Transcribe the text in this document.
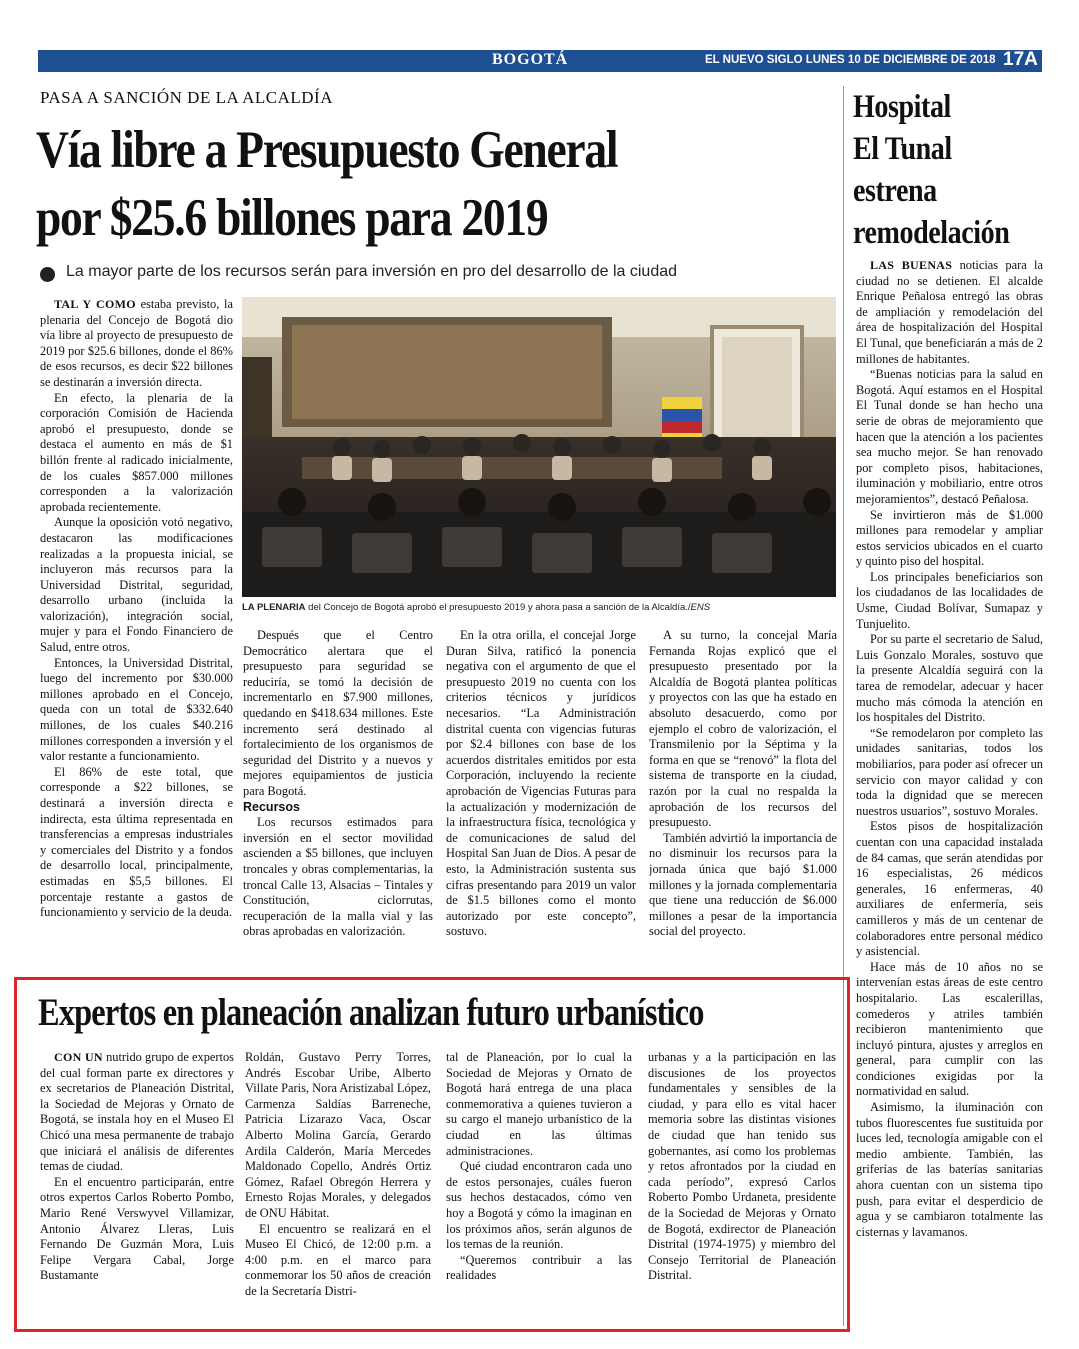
BOGOTÁ	EL NUEVO SIGLO LUNES 10 DE DICIEMBRE DE 2018 17A
PASA A SANCIÓN DE LA ALCALDÍA
Vía libre a Presupuesto General
por $25.6 billones para 2019
La mayor parte de los recursos serán para inversión en pro del desarrollo de la ciudad

TAL Y COMO estaba previsto, la plenaria del Concejo de Bogotá dio vía libre al proyecto de presupuesto de 2019 por $25.6 billones, donde el 86% de esos recursos, es decir $22 billones se destinarán a inversión directa.

En efecto, la plenaria de la corporación Comisión de Hacienda aprobó el presupuesto, donde se destaca el aumento en más de $1 billón frente al radicado inicialmente, de los cuales $857.000 millones corresponden a la valorización aprobada recientemente.

Aunque la oposición votó negativo, destacaron las modificaciones realizadas a la propuesta inicial, se incluyeron más recursos para la Universidad Distrital, seguridad, desarrollo urbano (incluida la valorización), integración social, mujer y para el Fondo Financiero de Salud, entre otros.

Entonces, la Universidad Distrital, luego del incremento por $30.000 millones aprobado en el Concejo, queda con un total de $332.640 millones, de los cuales $40.216 millones corresponden a inversión y el valor restante a funcionamiento.

El 86% de este total, que corresponde a $22 billones, se destinará a inversión directa e indirecta, esta última representada en transferencias a empresas industriales y comerciales del Distrito y a fondos de desarrollo local, principalmente, estimadas en $5,5 billones. El porcentaje restante a gastos de funcionamiento y servicio de la deuda.

LA PLENARIA del Concejo de Bogotá aprobó el presupuesto 2019 y ahora pasa a sanción de la Alcaldía./ENS

Después que el Centro Democrático alertara que el presupuesto para seguridad se reduciría, se tomó la decisión de incrementarlo en $7.900 millones, quedando en $418.634 millones. Este incremento será destinado al fortalecimiento de los organismos de seguridad del Distrito y a nuevos y mejores equipamientos de justicia para Bogotá.

Recursos

Los recursos estimados para inversión en el sector movilidad ascienden a $5 billones, que incluyen troncales y obras complementarias, la troncal Calle 13, Alsacias – Tintales y Constitución, ciclorrutas, recuperación de la malla vial y las obras aprobadas en valorización.

En la otra orilla, el concejal Jorge Duran Silva, ratificó la ponencia negativa con el argumento de que el presupuesto 2019 no cuenta con los criterios técnicos y jurídicos necesarios. “La Administración distrital cuenta con vigencias futuras por $2.4 billones con base de los acuerdos distritales emitidos por esta Corporación, incluyendo la reciente aprobación de Vigencias Futuras para la actualización y modernización de la infraestructura física, tecnológica y de comunicaciones de salud del Hospital San Juan de Dios. A pesar de esto, la Administración sustenta sus cifras presentando para 2019 un valor de $1.5 billones como el monto autorizado por este concepto”, sostuvo.

A su turno, la concejal María Fernanda Rojas explicó que el presupuesto presentado por la Alcaldía de Bogotá plantea políticas y proyectos con las que ha estado en absoluto desacuerdo, como por ejemplo el cobro de valorización, el Transmilenio por la Séptima y la forma en que se “renovó” la flota del sistema de transporte en la ciudad, razón por la cual no respalda la aprobación de los recursos del presupuesto.

También advirtió la importancia de no disminuir los recursos para la jornada única que bajó $1.000 millones y la jornada complementaria que tiene una reducción de $6.000 millones a pesar de la importancia social del proyecto.

Hospital
El Tunal
estrena
remodelación

LAS BUENAS noticias para la ciudad no se detienen. El alcalde Enrique Peñalosa entregó las obras de ampliación y remodelación del área de hospitalización del Hospital El Tunal, que beneficiarán a más de 2 millones de habitantes.

“Buenas noticias para la salud en Bogotá. Aquí estamos en el Hospital El Tunal donde se han hecho una serie de obras de mejoramiento que hacen que la atención a los pacientes sea mucho mejor. Se han renovado por completo pisos, habitaciones, iluminación y mobiliario, entre otros mejoramientos”, destacó Peñalosa.

Se invirtieron más de $1.000 millones para remodelar y ampliar estos servicios ubicados en el cuarto y quinto piso del hospital.

Los principales beneficiarios son los ciudadanos de las localidades de Usme, Ciudad Bolívar, Sumapaz y Tunjuelito.

Por su parte el secretario de Salud, Luis Gonzalo Morales, sostuvo que la presente Alcaldía seguirá con la tarea de remodelar, adecuar y hacer mucho más cómoda la atención en los hospitales del Distrito.

“Se remodelaron por completo las unidades sanitarias, todos los mobiliarios, para poder así ofrecer un servicio con mayor calidad y con toda la dignidad que se merecen nuestros usuarios”, sostuvo Morales.

Estos pisos de hospitalización cuentan con una capacidad instalada de 84 camas, que serán atendidas por 16 especialistas, 26 médicos generales, 16 enfermeras, 40 auxiliares de enfermería, seis camilleros y más de un centenar de colaboradores entre personal médico y asistencial.

Hace más de 10 años no se intervenían estas áreas de este centro hospitalario. Las escalerillas, comederos y atriles también recibieron mantenimiento que incluyó pintura, ajustes y arreglos en general, para cumplir con las condiciones exigidas por la normatividad en salud.

Asimismo, la iluminación con tubos fluorescentes fue sustituida por luces led, tecnología amigable con el medio ambiente. También, las griferías de las baterías sanitarias ahora cuentan con un sistema tipo push, para evitar el desperdicio de agua y se cambiaron totalmente las cisternas y lavamanos.

Expertos en planeación analizan futuro urbanístico

CON UN nutrido grupo de expertos del cual forman parte ex directores y ex secretarios de Planeación Distrital, la Sociedad de Mejoras y Ornato de Bogotá, se instala hoy en el Museo El Chicó una mesa permanente de trabajo que iniciará el análisis de diferentes temas de ciudad.

En el encuentro participarán, entre otros expertos Carlos Roberto Pombo, Mario René Verswyvel Villamizar, Antonio Álvarez Lleras, Luis Fernando De Guzmán Mora, Luis Felipe Vergara Cabal, Jorge Bustamante

Roldán, Gustavo Perry Torres, Andrés Escobar Uribe, Alberto Villate Paris, Nora Aristizabal López, Carmenza Saldías Barreneche, Patricia Lizarazo Vaca, Oscar Alberto Molina García, Gerardo Ardila Calderón, María Mercedes Maldonado Copello, Andrés Ortiz Gómez, Rafael Obregón Herrera y Ernesto Rojas Morales, y delegados de ONU Hábitat.

El encuentro se realizará en el Museo El Chicó, de 12:00 p.m. a 4:00 p.m. en el marco para conmemorar los 50 años de creación de la Secretaría Distri-

tal de Planeación, por lo cual la Sociedad de Mejoras y Ornato de Bogotá hará entrega de una placa conmemorativa a quienes tuvieron a su cargo el manejo urbanístico de la ciudad en las últimas administraciones.

Qué ciudad encontraron cada uno de estos personajes, cuáles fueron sus hechos destacados, cómo ven hoy a Bogotá y cómo la imaginan en los próximos años, serán algunos de los temas de la reunión.

“Queremos contribuir a las realidades

urbanas y a la participación en las discusiones de los proyectos fundamentales y sensibles de la ciudad, y para ello es vital hacer memoria sobre las distintas visiones de ciudad que han tenido sus gobernantes, así como los problemas y retos afrontados por la ciudad en cada período”, expresó Carlos Roberto Pombo Urdaneta, presidente de la Sociedad de Mejoras y Ornato de Bogotá, exdirector de Planeación Distrital (1974-1975) y miembro del Consejo Territorial de Planeación Distrital.
